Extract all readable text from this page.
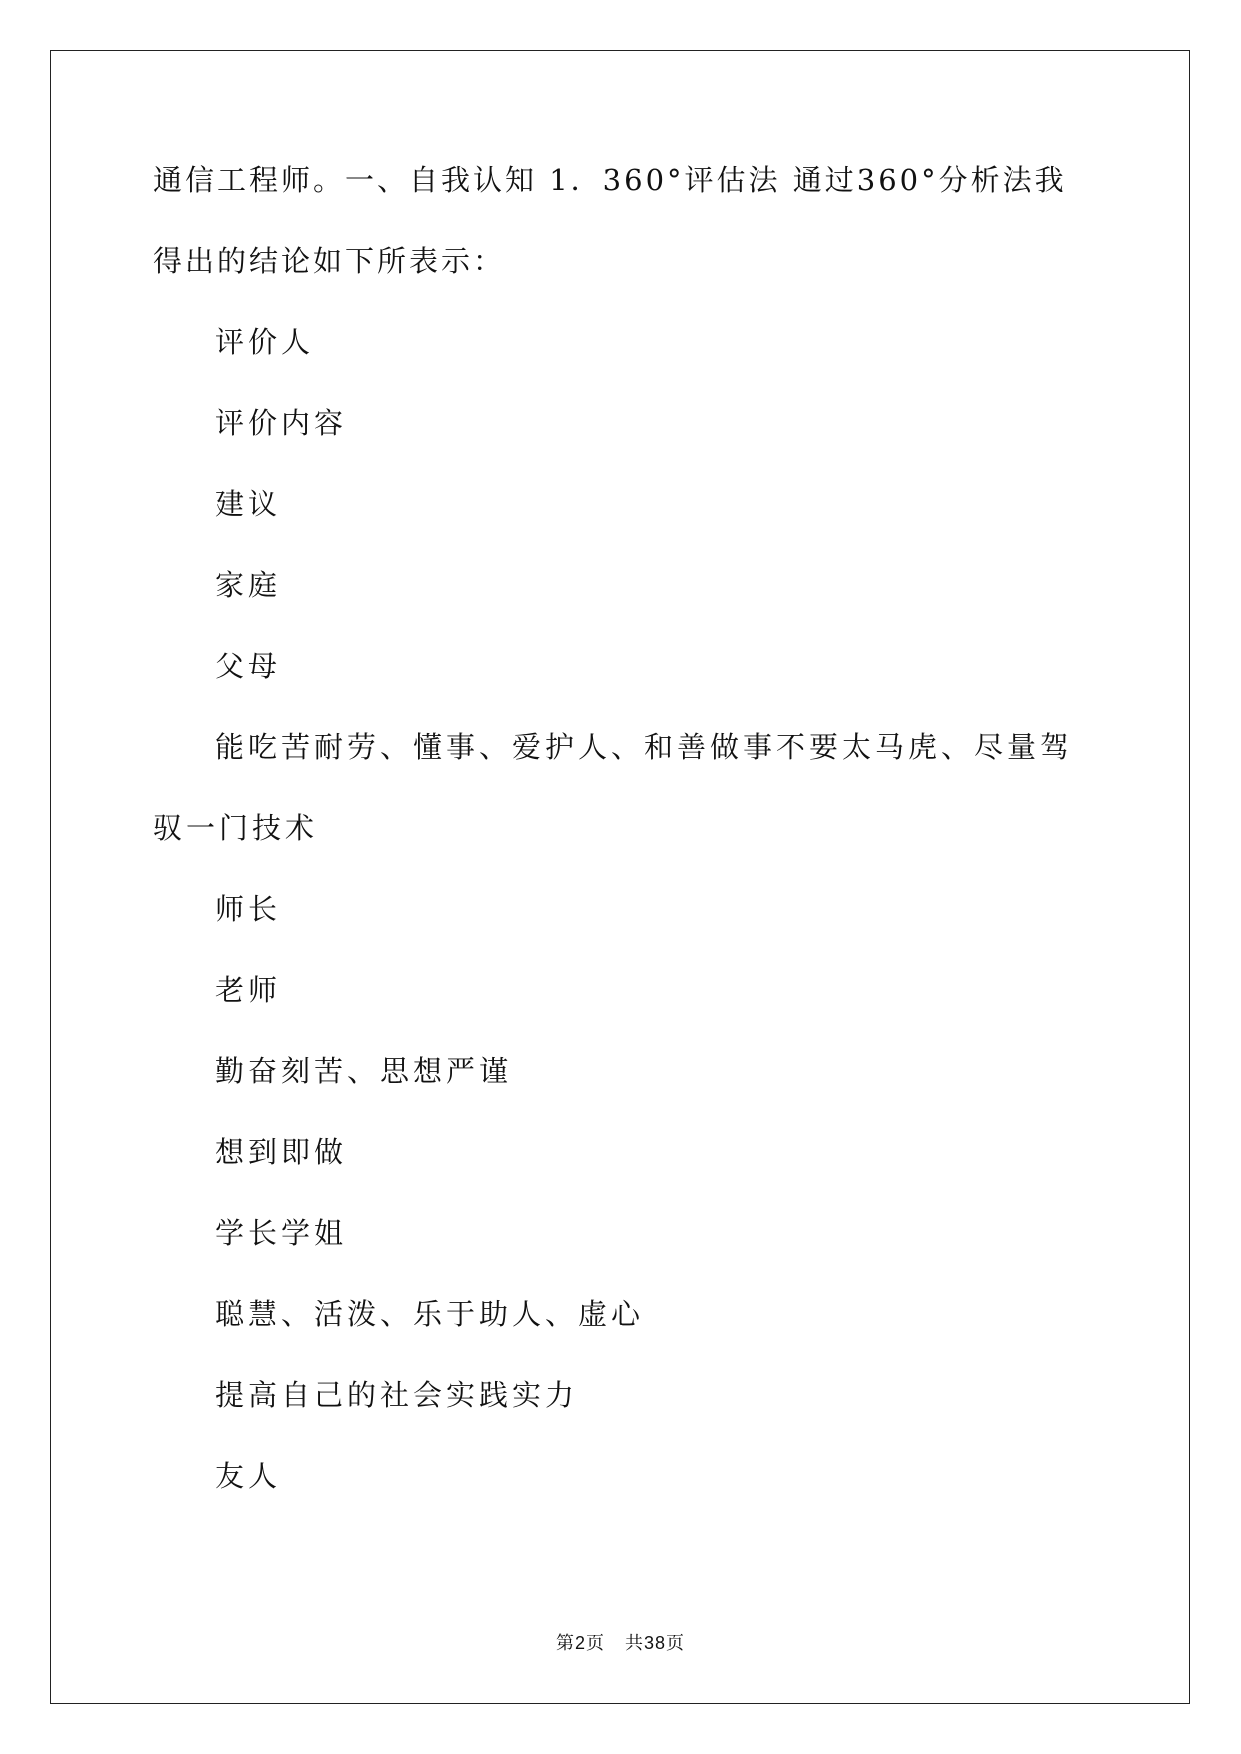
通信工程师。一、自我认知 1．360°评估法 通过360°分析法我得出的结论如下所表示：

评价人

评价内容

建议

家庭

父母

能吃苦耐劳、懂事、爱护人、和善做事不要太马虎、尽量驾驭一门技术

师长

老师

勤奋刻苦、思想严谨

想到即做

学长学姐

聪慧、活泼、乐于助人、虚心

提高自己的社会实践实力

友人

第2页 共38页
